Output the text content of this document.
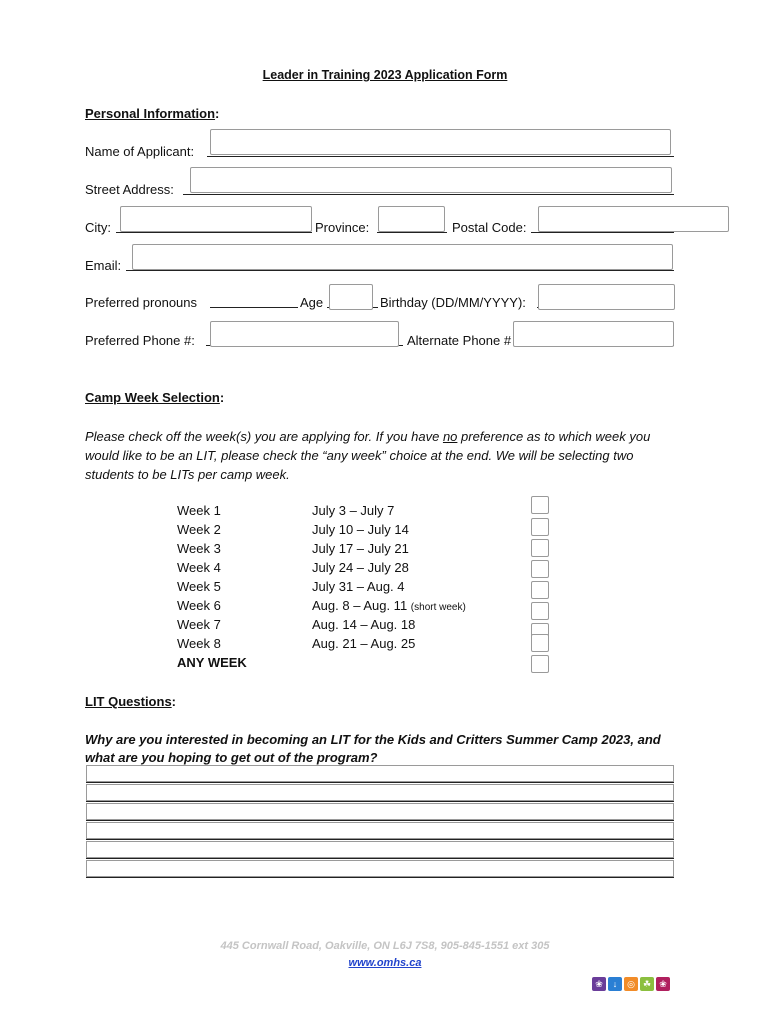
Leader in Training 2023 Application Form
Personal Information:
Name of Applicant:
Street Address:
City:	Province:	Postal Code:
Email:
Preferred pronouns	Age	Birthday (DD/MM/YYYY):
Preferred Phone #:	Alternate Phone #
Camp Week Selection:
Please check off the week(s) you are applying for. If you have no preference as to which week you would like to be an LIT, please check the “any week” choice at the end. We will be selecting two students to be LITs per camp week.
Week 1	July 3 – July 7
Week 2	July 10 – July 14
Week 3	July 17 – July 21
Week 4	July 24 – July 28
Week 5	July 31 – Aug. 4
Week 6	Aug. 8 – Aug. 11 (short week)
Week 7	Aug. 14 – Aug. 18
Week 8	Aug. 21 – Aug. 25
ANY WEEK
LIT Questions:
Why are you interested in becoming an LIT for the Kids and Critters Summer Camp 2023, and what are you hoping to get out of the program?
445 Cornwall Road, Oakville, ON L6J 7S8, 905-845-1551 ext 305
www.omhs.ca
❀	↓	◎ ☘ ❀
